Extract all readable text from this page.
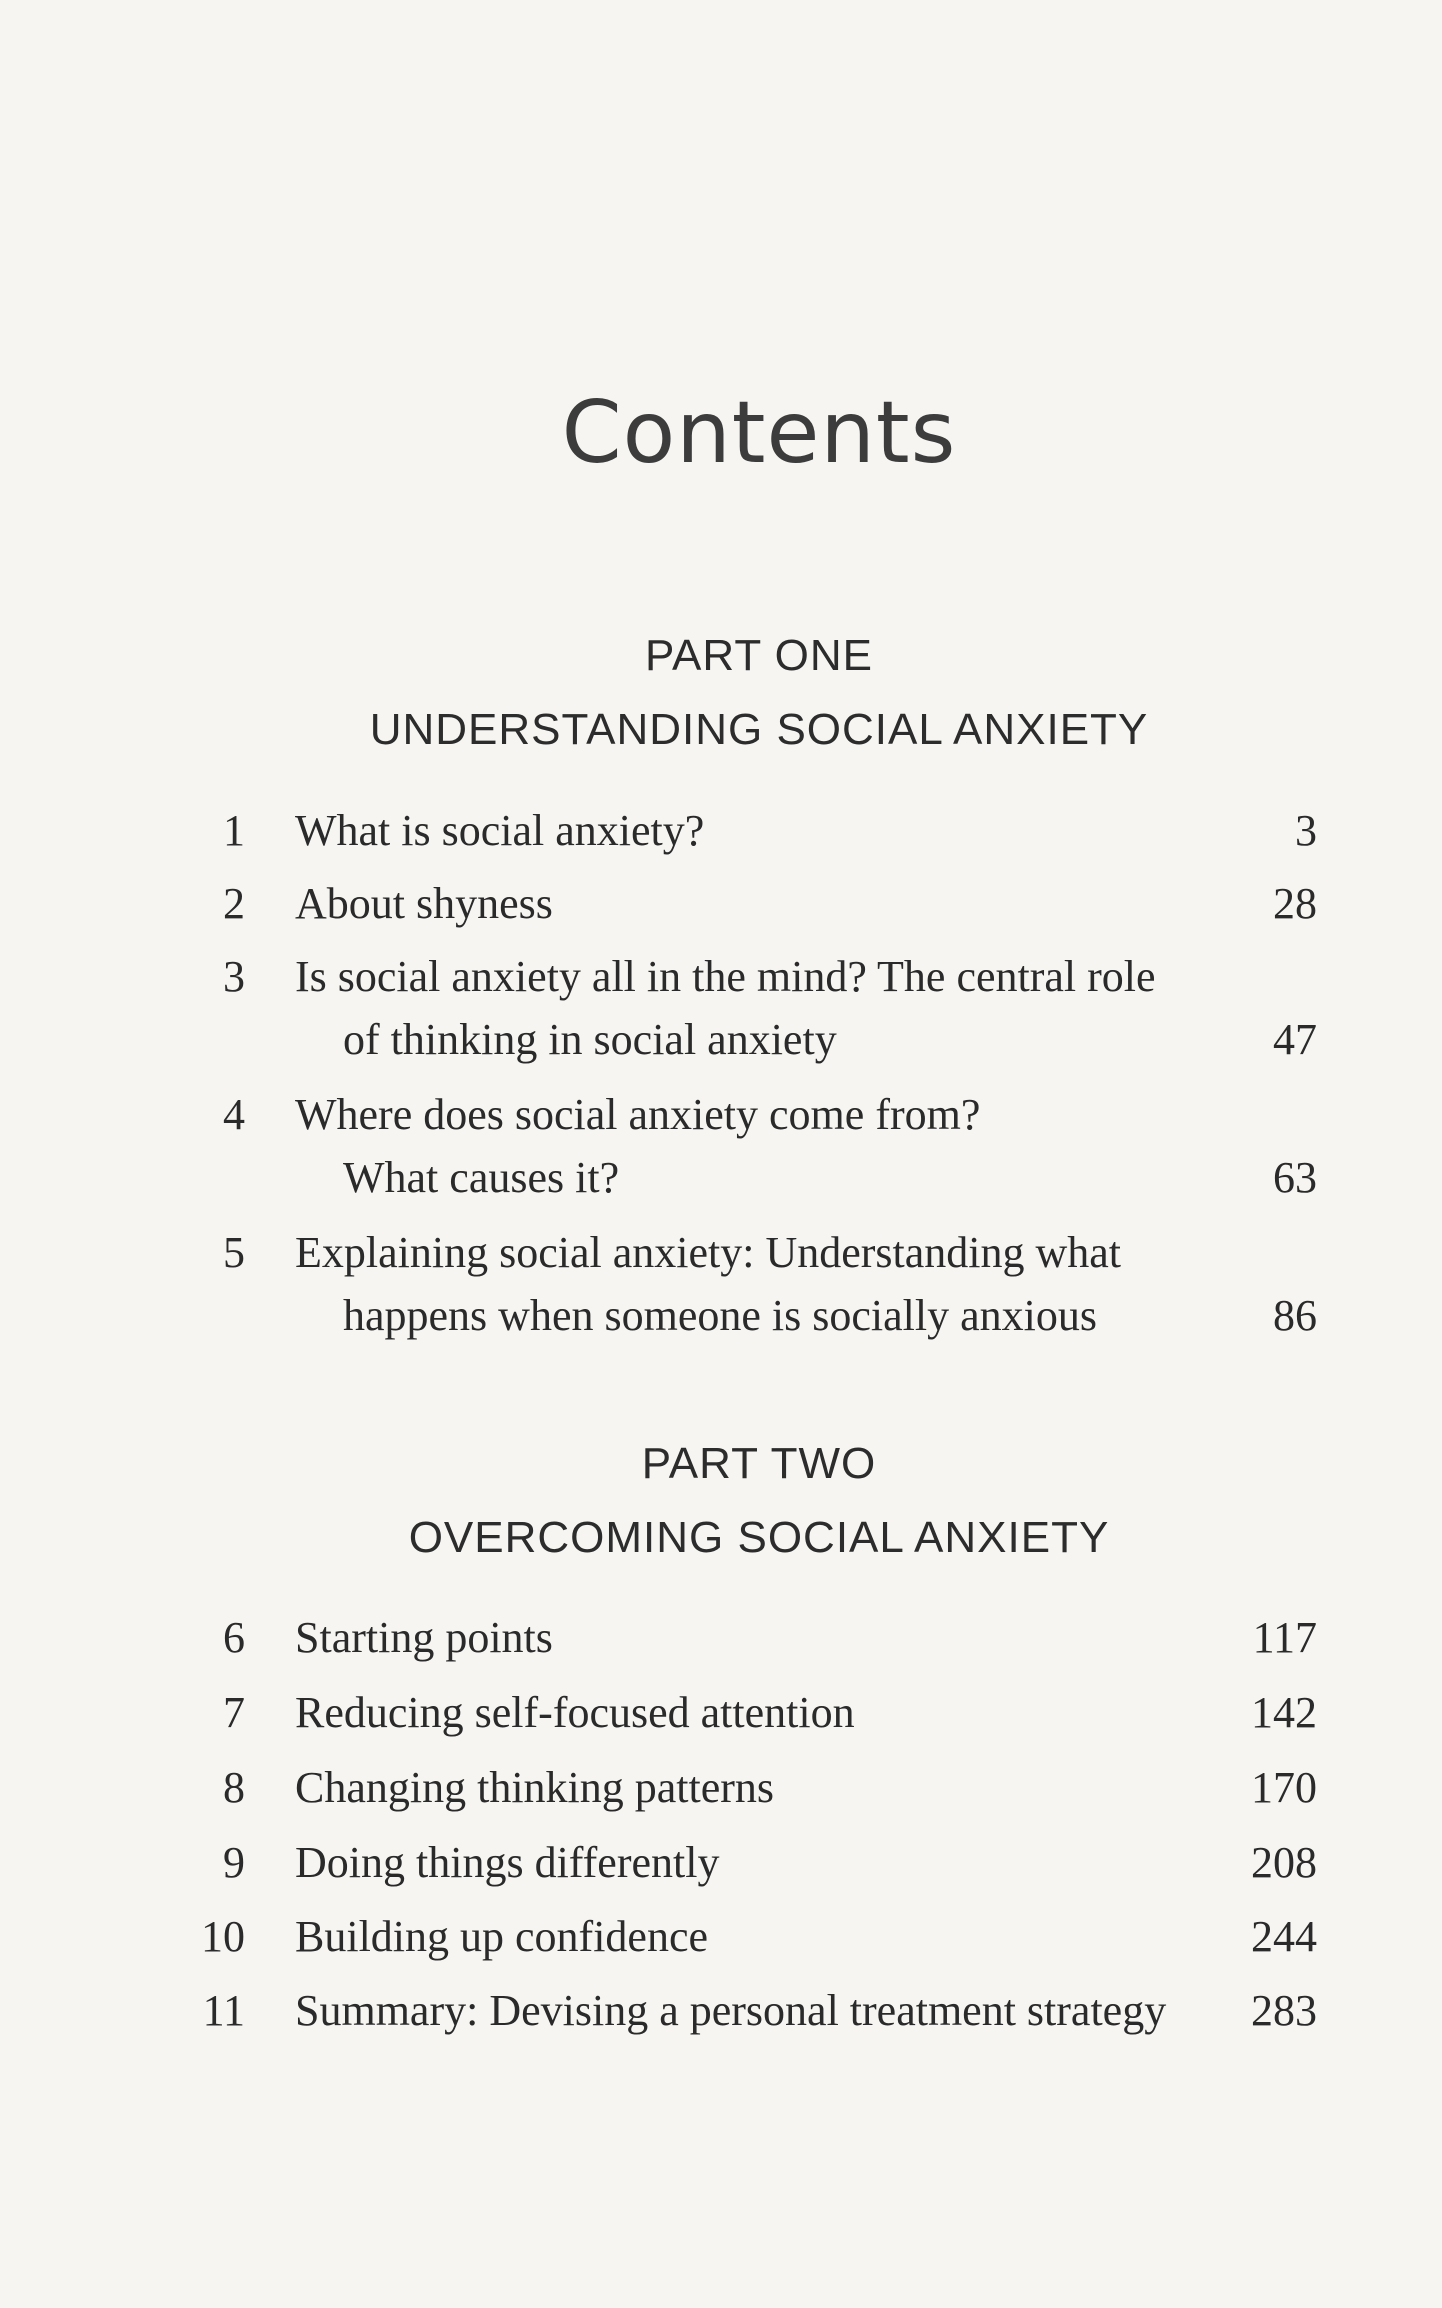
Contents
PART ONE
UNDERSTANDING SOCIAL ANXIETY
1 What is social anxiety?	3
2 About shyness	28
3 Is social anxiety all in the mind? The central role
of thinking in social anxiety	47
4 Where does social anxiety come from?
What causes it?	63
5 Explaining social anxiety: Understanding what
happens when someone is socially anxious	86
PART TWO
OVERCOMING SOCIAL ANXIETY
6 Starting points	117
7 Reducing self-focused attention	142
8 Changing thinking patterns	170
9 Doing things differently	208
10 Building up confidence	244
11 Summary: Devising a personal treatment strategy 283
